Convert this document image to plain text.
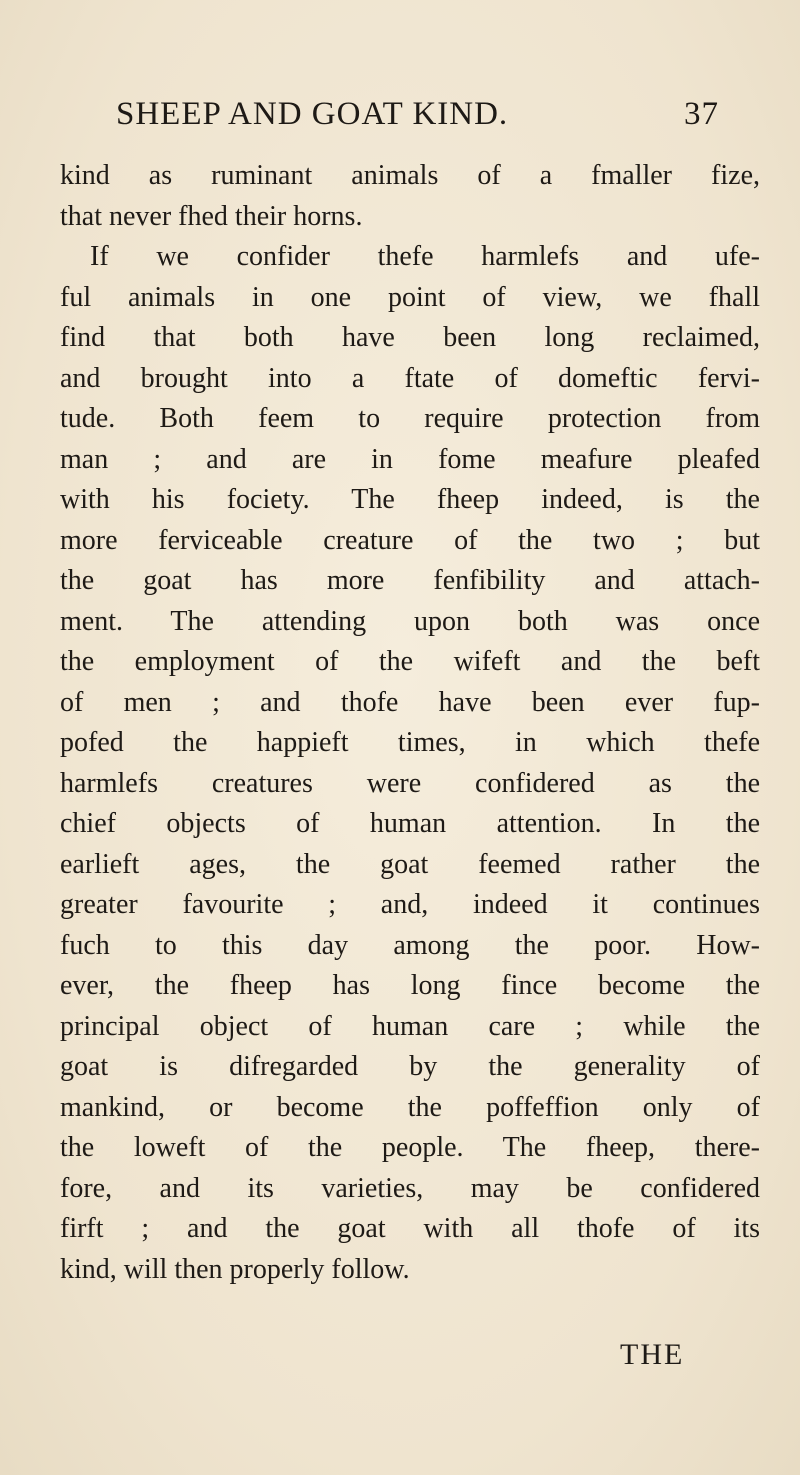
SHEEP AND GOAT KIND.	37
kind as ruminant animals of a fmaller fize,
that never fhed their horns.
If we confider thefe harmlefs and ufe-
ful animals in one point of view, we fhall
find that both have been long reclaimed,
and brought into a ftate of domeftic fervi-
tude. Both feem to require protection from
man ; and are in fome meafure pleafed
with his fociety. The fheep indeed, is the
more ferviceable creature of the two ; but
the goat has more fenfibility and attach-
ment. The attending upon both was once
the employment of the wifeft and the beft
of men ; and thofe have been ever fup-
pofed the happieft times, in which thefe
harmlefs creatures were confidered as the
chief objects of human attention. In the
earlieft ages, the goat feemed rather the
greater favourite ; and, indeed it continues
fuch to this day among the poor. How-
ever, the fheep has long fince become the
principal object of human care ; while the
goat is difregarded by the generality of
mankind, or become the poffeffion only of
the loweft of the people. The fheep, there-
fore, and its varieties, may be confidered
firft ; and the goat with all thofe of its
kind, will then properly follow.
THE
